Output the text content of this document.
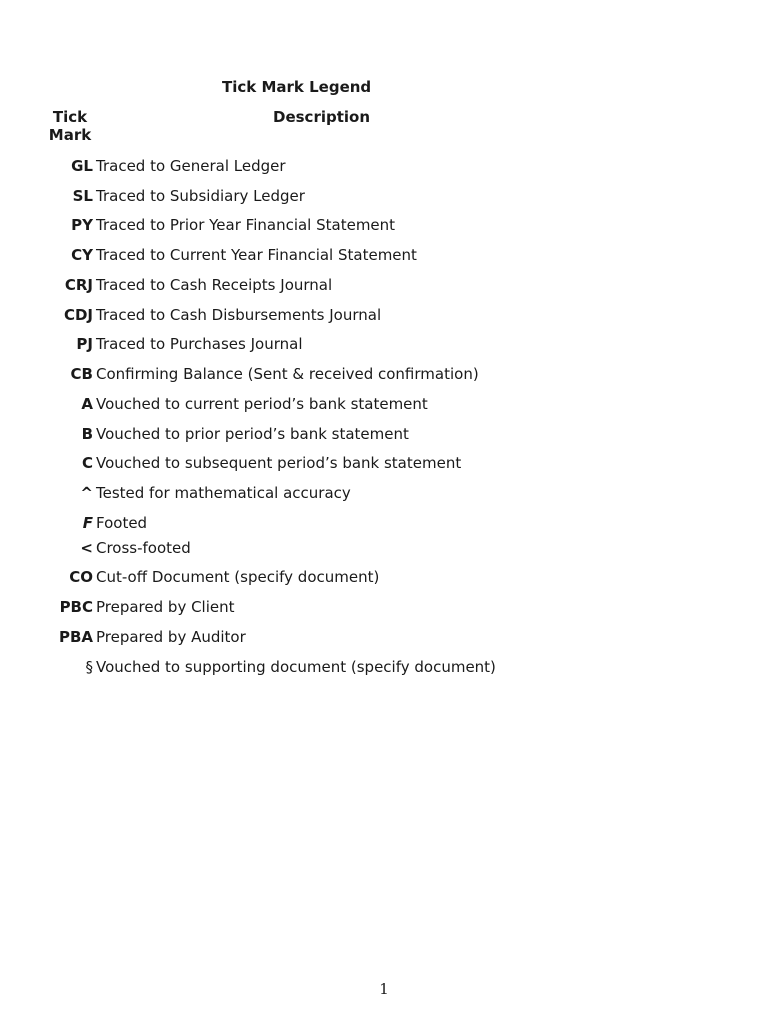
Tick Mark Legend
Tick
Mark
Description
GL Traced to General Ledger
SL Traced to Subsidiary Ledger
PY Traced to Prior Year Financial Statement
CY Traced to Current Year Financial Statement
CRJ Traced to Cash Receipts Journal
CDJ Traced to Cash Disbursements Journal
PJ Traced to Purchases Journal
CB Confirming Balance (Sent & received confirmation)
A Vouched to current period’s bank statement
B Vouched to prior period’s bank statement
C Vouched to subsequent period’s bank statement
^ Tested for mathematical accuracy
F Footed
< Cross-footed
CO Cut-off Document (specify document)
PBC Prepared by Client
PBA Prepared by Auditor
§ Vouched to supporting document (specify document)
1
